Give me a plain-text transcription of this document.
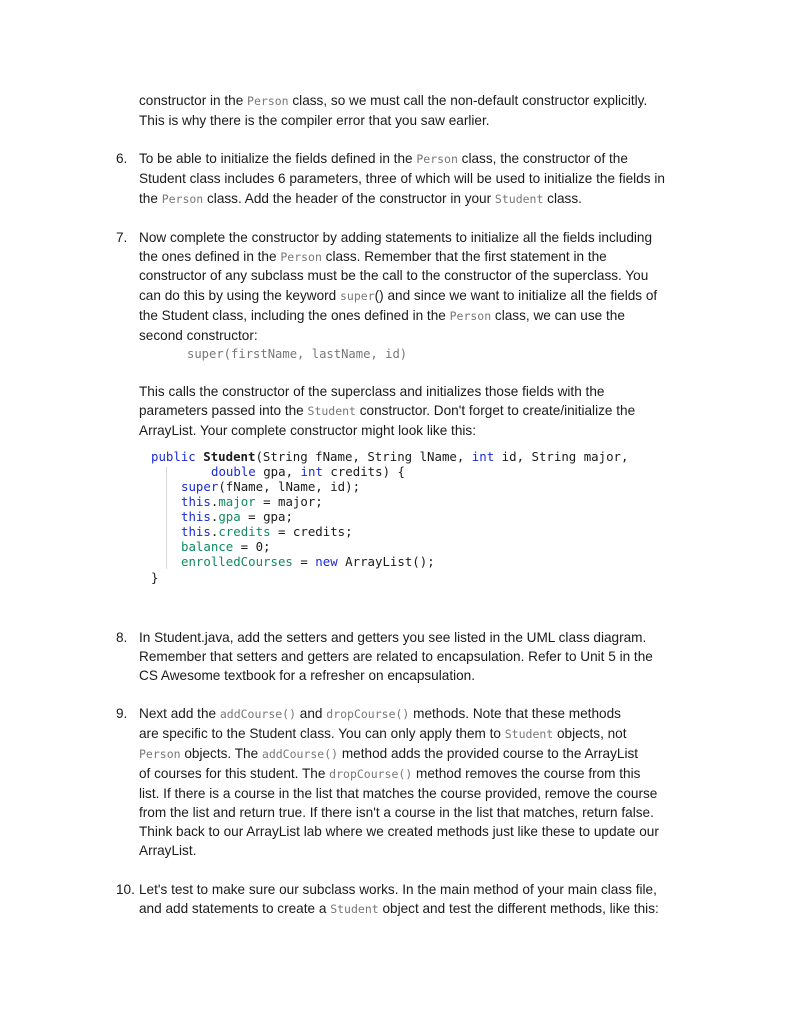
constructor in the Person class, so we must call the non-default constructor explicitly.
This is why there is the compiler error that you saw earlier.
6. To be able to initialize the fields defined in the Person class, the constructor of the
Student class includes 6 parameters, three of which will be used to initialize the fields in
the Person class. Add the header of the constructor in your Student class.
7. Now complete the constructor by adding statements to initialize all the fields including
the ones defined in the Person class. Remember that the first statement in the
constructor of any subclass must be the call to the constructor of the superclass. You
can do this by using the keyword super() and since we want to initialize all the fields of
the Student class, including the ones defined in the Person class, we can use the
second constructor:
super(firstName, lastName, id)
This calls the constructor of the superclass and initializes those fields with the
parameters passed into the Student constructor. Don't forget to create/initialize the
ArrayList. Your complete constructor might look like this:
public Student(String fName, String lName, int id, String major,
double gpa, int credits) {
super(fName, lName, id);
this.major = major;
this.gpa = gpa;
this.credits = credits;
balance = 0;
enrolledCourses = new ArrayList();
}
8. In Student.java, add the setters and getters you see listed in the UML class diagram.
Remember that setters and getters are related to encapsulation. Refer to Unit 5 in the
CS Awesome textbook for a refresher on encapsulation.
9. Next add the addCourse() and dropCourse() methods. Note that these methods
are specific to the Student class. You can only apply them to Student objects, not
Person objects. The addCourse() method adds the provided course to the ArrayList
of courses for this student. The dropCourse() method removes the course from this
list. If there is a course in the list that matches the course provided, remove the course
from the list and return true. If there isn't a course in the list that matches, return false.
Think back to our ArrayList lab where we created methods just like these to update our
ArrayList.
10. Let's test to make sure our subclass works. In the main method of your main class file,
and add statements to create a Student object and test the different methods, like this:
